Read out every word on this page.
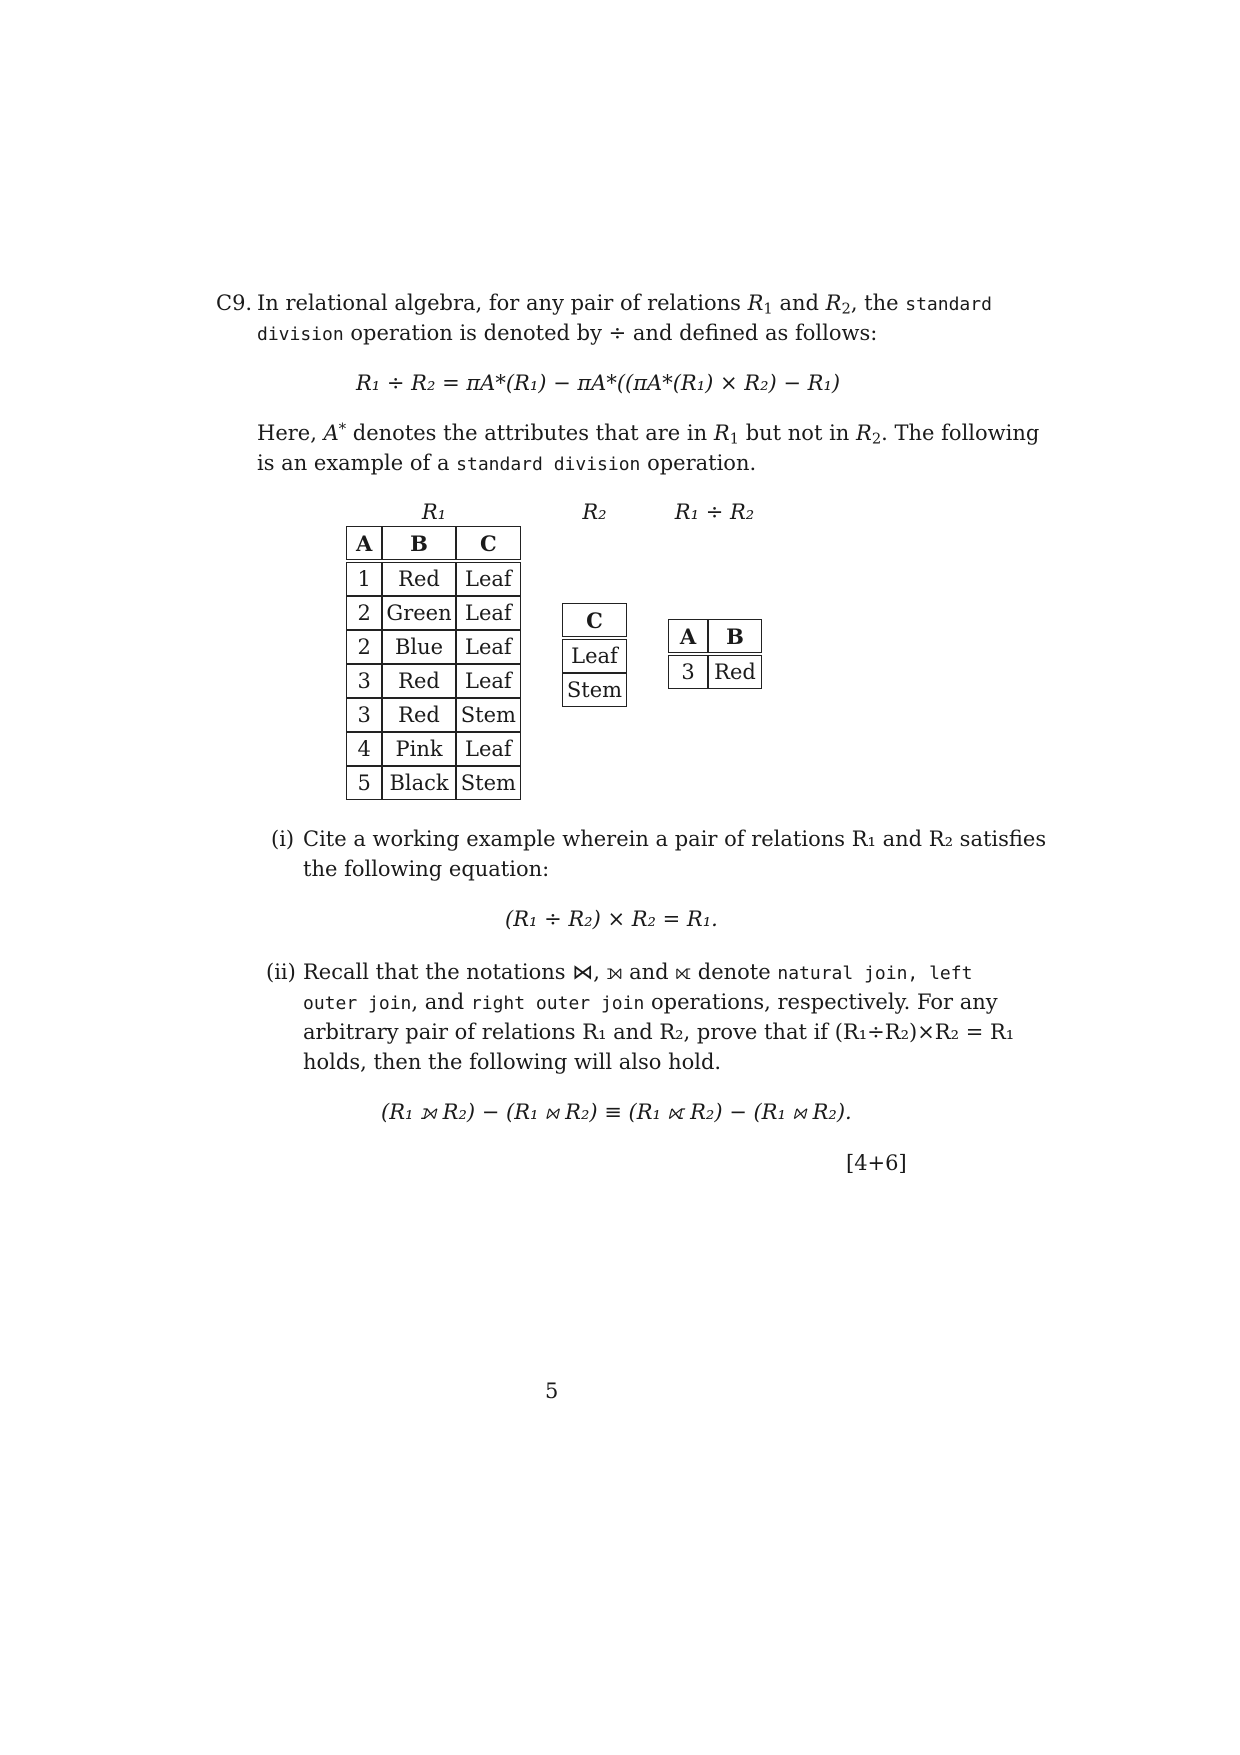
C9. In relational algebra, for any pair of relations $R_1$ and $R_2$, the standard
division operation is denoted by ÷ and defined as follows:
R₁ ÷ R₂ = πA*(R₁) − πA*((πA*(R₁) × R₂) − R₁)
Here, A* denotes the attributes that are in $R_1$ but not in $R_2$. The following
is an example of a standard division operation.
R₁	R₂	R₁ ÷ R₂
A	B	C

1	Red	Leaf
2	Green	Leaf
2	Blue	Leaf
3	Red	Leaf
3	Red	Stem
4	Pink	Leaf
5	Black	Stem
C

Leaf
Stem
A	B

3	Red
(i) Cite a working example wherein a pair of relations R₁ and R₂ satisfies
the following equation:
(R₁ ÷ R₂) × R₂ = R₁.
(ii) Recall that the notations ⋈, ⟕ and ⟖ denote natural join, left
outer join, and right outer join operations, respectively. For any
arbitrary pair of relations R₁ and R₂, prove that if (R₁÷R₂)×R₂ = R₁
holds, then the following will also hold.
(R₁ ⟕ R₂) − (R₁ ⋈ R₂) ≡ (R₁ ⟖ R₂) − (R₁ ⋈ R₂).
[4+6]
5
